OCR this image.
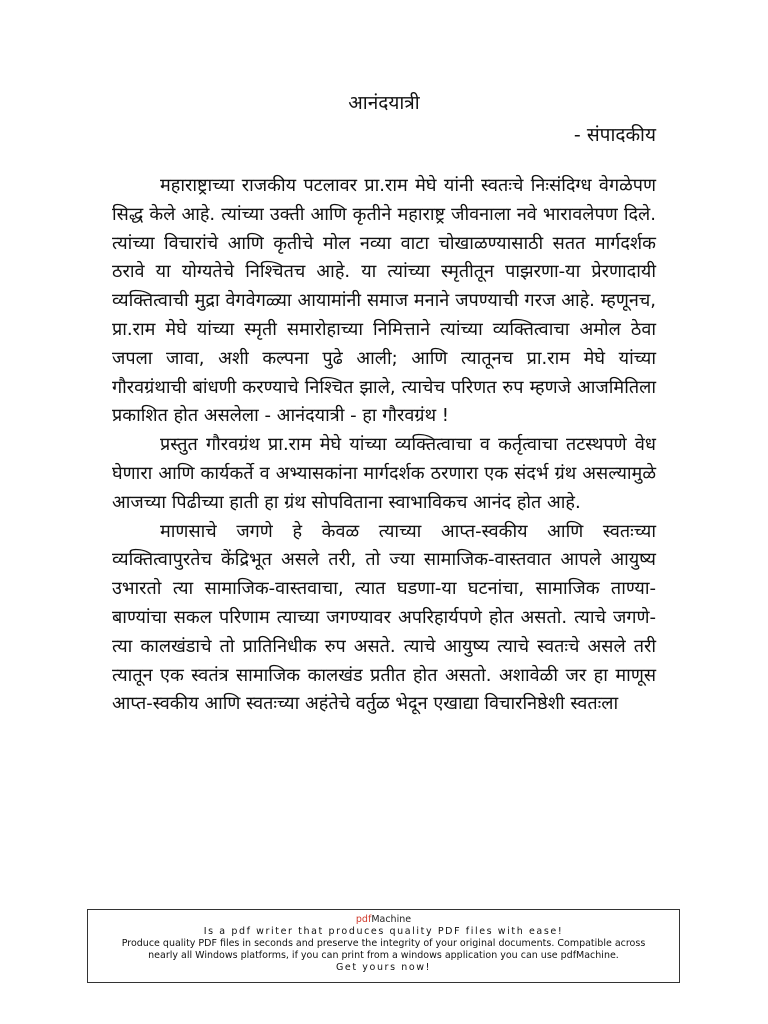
आनंदयात्री
- संपादकीय

महाराष्ट्राच्या राजकीय पटलावर प्रा.राम मेघे यांनी स्वतःचे निःसंदिग्ध वेगळेपण सिद्ध केले आहे. त्यांच्या उक्ती आणि कृतीने महाराष्ट्र जीवनाला नवे भारावलेपण दिले. त्यांच्या विचारांचे आणि कृतीचे मोल नव्या वाटा चोखाळण्यासाठी सतत मार्गदर्शक ठरावे या योग्यतेचे निश्चितच आहे. या त्यांच्या स्मृतीतून पाझरणा-या प्रेरणादायी व्यक्तित्वाची मुद्रा वेगवेगळ्या आयामांनी समाज मनाने जपण्याची गरज आहे. म्हणूनच, प्रा.राम मेघे यांच्या स्मृती समारोहाच्या निमित्ताने त्यांच्या व्यक्तित्वाचा अमोल ठेवा जपला जावा, अशी कल्पना पुढे आली; आणि त्यातूनच प्रा.राम मेघे यांच्या गौरवग्रंथाची बांधणी करण्याचे निश्चित झाले, त्याचेच परिणत रुप म्हणजे आजमितिला प्रकाशित होत असलेला - आनंदयात्री - हा गौरवग्रंथ !

प्रस्तुत गौरवग्रंथ प्रा.राम मेघे यांच्या व्यक्तित्वाचा व कर्तृत्वाचा तटस्थपणे वेध घेणारा आणि कार्यकर्ते व अभ्यासकांना मार्गदर्शक ठरणारा एक संदर्भ ग्रंथ असल्यामुळे आजच्या पिढीच्या हाती हा ग्रंथ सोपविताना स्वाभाविकच आनंद होत आहे.

माणसाचे जगणे हे केवळ त्याच्या आप्त-स्वकीय आणि स्वतःच्या व्यक्तित्वापुरतेच केंद्रिभूत असले तरी, तो ज्या सामाजिक-वास्तवात आपले आयुष्य उभारतो त्या सामाजिक-वास्तवाचा, त्यात घडणा-या घटनांचा, सामाजिक ताण्या-बाण्यांचा सकल परिणाम त्याच्या जगण्यावर अपरिहार्यपणे होत असतो. त्याचे जगणे- त्या कालखंडाचे तो प्रातिनिधीक रुप असते. त्याचे आयुष्य त्याचे स्वतःचे असले तरी त्यातून एक स्वतंत्र सामाजिक कालखंड प्रतीत होत असतो. अशावेळी जर हा माणूस आप्त-स्वकीय आणि स्वतःच्या अहंतेचे वर्तुळ भेदून एखाद्या विचारनिष्ठेशी स्वतःला

pdfMachine
Is a pdf writer that produces quality PDF files with ease!
Produce quality PDF files in seconds and preserve the integrity of your original documents. Compatible across
nearly all Windows platforms, if you can print from a windows application you can use pdfMachine.
Get yours now!
